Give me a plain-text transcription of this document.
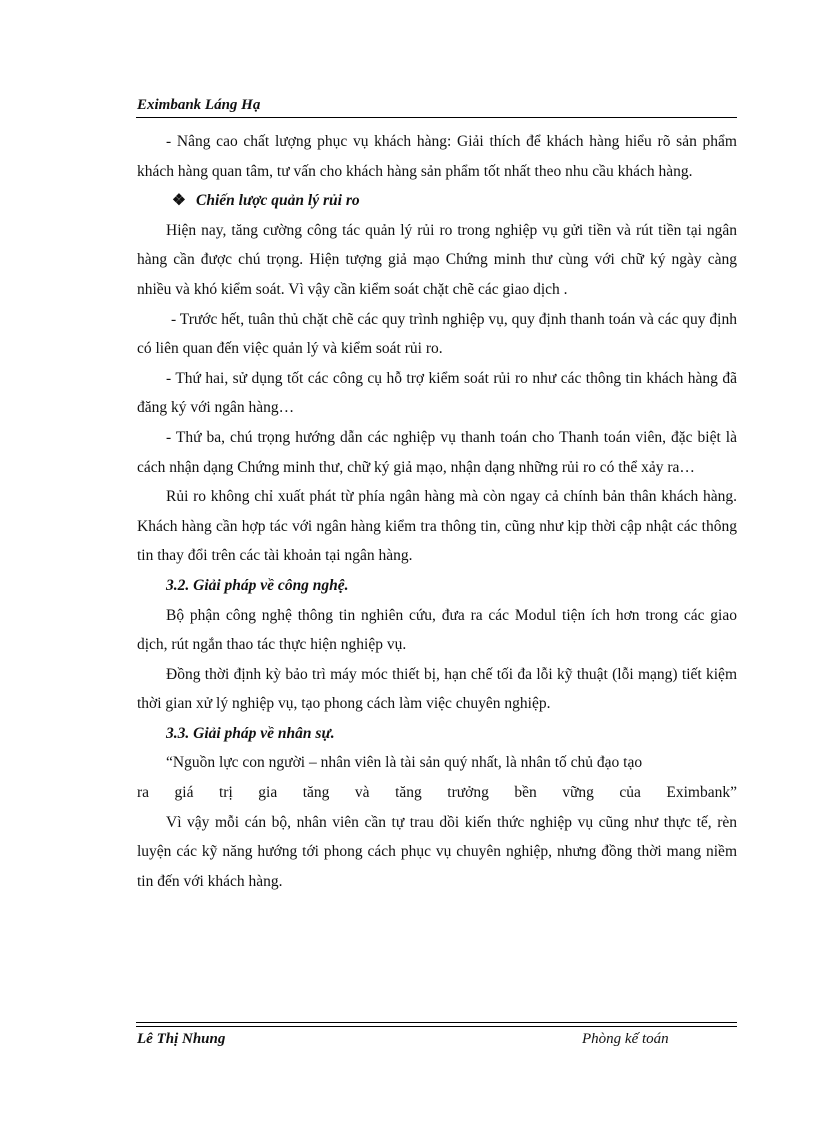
Eximbank Láng Hạ

- Nâng cao chất lượng phục vụ khách hàng: Giải thích để khách hàng hiểu rõ sản phẩm khách hàng quan tâm, tư vấn cho khách hàng sản phẩm tốt nhất theo nhu cầu khách hàng.

❖ Chiến lược quản lý rủi ro

Hiện nay, tăng cường công tác quản lý rủi ro trong nghiệp vụ gửi tiền và rút tiền tại ngân hàng cần được chú trọng. Hiện tượng giả mạo Chứng minh thư cùng với chữ ký ngày càng nhiều và khó kiểm soát. Vì vậy cần kiểm soát chặt chẽ các giao dịch .

- Trước hết, tuân thủ chặt chẽ các quy trình nghiệp vụ, quy định thanh toán và các quy định có liên quan đến việc quản lý và kiểm soát rủi ro.

- Thứ hai, sử dụng tốt các công cụ hỗ trợ kiểm soát rủi ro như các thông tin khách hàng đã đăng ký với ngân hàng…

- Thứ ba, chú trọng hướng dẫn các nghiệp vụ thanh toán cho Thanh toán viên, đặc biệt là cách nhận dạng Chứng minh thư, chữ ký giả mạo, nhận dạng những rủi ro có thể xảy ra…

Rủi ro không chỉ xuất phát từ phía ngân hàng mà còn ngay cả chính bản thân khách hàng. Khách hàng cần hợp tác với ngân hàng kiểm tra thông tin, cũng như kịp thời cập nhật các thông tin thay đổi trên các tài khoản tại ngân hàng.

3.2. Giải pháp về công nghệ.

Bộ phận công nghệ thông tin nghiên cứu, đưa ra các Modul tiện ích hơn trong các giao dịch, rút ngắn thao tác thực hiện nghiệp vụ.

Đồng thời định kỳ bảo trì máy móc thiết bị, hạn chế tối đa lỗi kỹ thuật (lỗi mạng) tiết kiệm thời gian xử lý nghiệp vụ, tạo phong cách làm việc chuyên nghiệp.

3.3. Giải pháp về nhân sự.

“Nguồn lực con người – nhân viên là tài sản quý nhất, là nhân tố chủ đạo tạo

ra giá trị gia tăng và tăng trưởng bền vững của Eximbank”

Vì vậy mỗi cán bộ, nhân viên cần tự trau dồi kiến thức nghiệp vụ cũng như thực tế, rèn luyện các kỹ năng hướng tới phong cách phục vụ chuyên nghiệp, nhưng đồng thời mang niềm tin đến với khách hàng.

Lê Thị Nhung	Phòng kế toán
